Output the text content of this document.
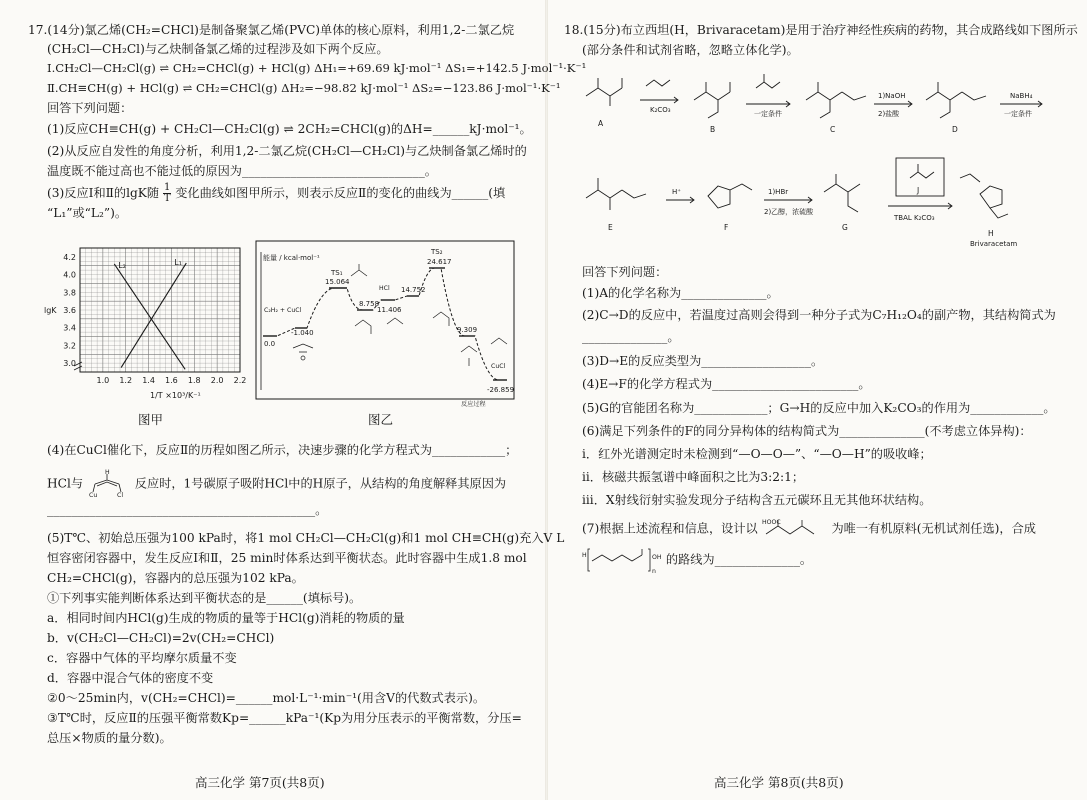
17.(14分)氯乙烯(CH₂=CHCl)是制备聚氯乙烯(PVC)单体的核心原料，利用1,2-二氯乙烷
(CH₂Cl—CH₂Cl)与乙炔制备氯乙烯的过程涉及如下两个反应。
Ⅰ.CH₂Cl—CH₂Cl(g) ⇌ CH₂=CHCl(g) + HCl(g) ΔH₁=+69.69 kJ·mol⁻¹ ΔS₁=+142.5 J·mol⁻¹·K⁻¹
Ⅱ.CH≡CH(g) + HCl(g) ⇌ CH₂=CHCl(g) ΔH₂=−98.82 kJ·mol⁻¹ ΔS₂=−123.86 J·mol⁻¹·K⁻¹
回答下列问题：
(1)反应CH≡CH(g) + CH₂Cl—CH₂Cl(g) ⇌ 2CH₂=CHCl(g)的ΔH=______kJ·mol⁻¹。
(2)从反应自发性的角度分析，利用1,2-二氯乙烷(CH₂Cl—CH₂Cl)与乙炔制备氯乙烯时的
温度既不能过高也不能过低的原因为______________________________。
(3)反应Ⅰ和Ⅱ的lgK随 $\frac{1}{T}$ 变化曲线如图甲所示，则表示反应Ⅱ的变化的曲线为______(填
“L₁”或“L₂”)。
1.0 1.2 1.4 1.6 1.8 2.0 2.2
3.0
3.2
3.4
3.6
3.8
4.0
4.2
lgK
1/T ×10³/K⁻¹
L₁
L₂
图甲
能量 / kcal·mol⁻¹
0.0
-1.040
15.064
8.758
11.406
14.752
24.617
9.309
-26.859
TS₁
TS₂
C₂H₂ + CuCl
HCl
CuCl
反应过程
图乙
(4)在CuCl催化下，反应Ⅱ的历程如图乙所示，决速步骤的化学方程式为____________；
HCl与
Cu	Cl
H
反应时，1号碳原子吸附HCl中的H原子，从结构的角度解释其原因为
____________________________________________。
(5)T℃、初始总压强为100 kPa时，将1 mol CH₂Cl—CH₂Cl(g)和1 mol CH≡CH(g)充入V L
恒容密闭容器中，发生反应Ⅰ和Ⅱ，25 min时体系达到平衡状态。此时容器中生成1.8 mol
CH₂=CHCl(g)，容器内的总压强为102 kPa。
①下列事实能判断体系达到平衡状态的是______(填标号)。
a．相同时间内HCl(g)生成的物质的量等于HCl(g)消耗的物质的量
b．v(CH₂Cl—CH₂Cl)=2v(CH₂=CHCl)
c．容器中气体的平均摩尔质量不变
d．容器中混合气体的密度不变
②0～25min内，v(CH₂=CHCl)=______mol·L⁻¹·min⁻¹(用含V的代数式表示)。
③T℃时，反应Ⅱ的压强平衡常数Kp=______kPa⁻¹(Kp为用分压表示的平衡常数，分压=
总压×物质的量分数)。
高三化学 第7页(共8页)
18.(15分)布立西坦(H，Brivaracetam)是用于治疗神经性疾病的药物，其合成路线如下图所示
(部分条件和试剂省略，忽略立体化学)。
A
B	C	D
E	F	G
H
J
K₂CO₃	一定条件
1)NaOH
2)盐酸
NaBH₄
一定条件
H⁺	1)HBr
2)乙醇，浓硫酸
TBAL K₂CO₃
Brivaracetam
回答下列问题：
(1)A的化学名称为______________。
(2)C→D的反应中，若温度过高则会得到一种分子式为C₇H₁₂O₄的副产物，其结构简式为
______________。
(3)D→E的反应类型为__________________。
(4)E→F的化学方程式为________________________。
(5)G的官能团名称为____________；G→H的反应中加入K₂CO₃的作用为____________。
(6)满足下列条件的F的同分异构体的结构简式为______________(不考虑立体异构)：
i．红外光谱测定时未检测到“—O—O—”、“—O—H”的吸收峰；
ii．核磁共振氢谱中峰面积之比为3:2:1；
iii．X射线衍射实验发现分子结构含五元碳环且无其他环状结构。
(7)根据上述流程和信息，设计以 HOOC	为唯一有机原料(无机试剂任选)，合成
H	OH
n
的路线为______________。
高三化学 第8页(共8页)
